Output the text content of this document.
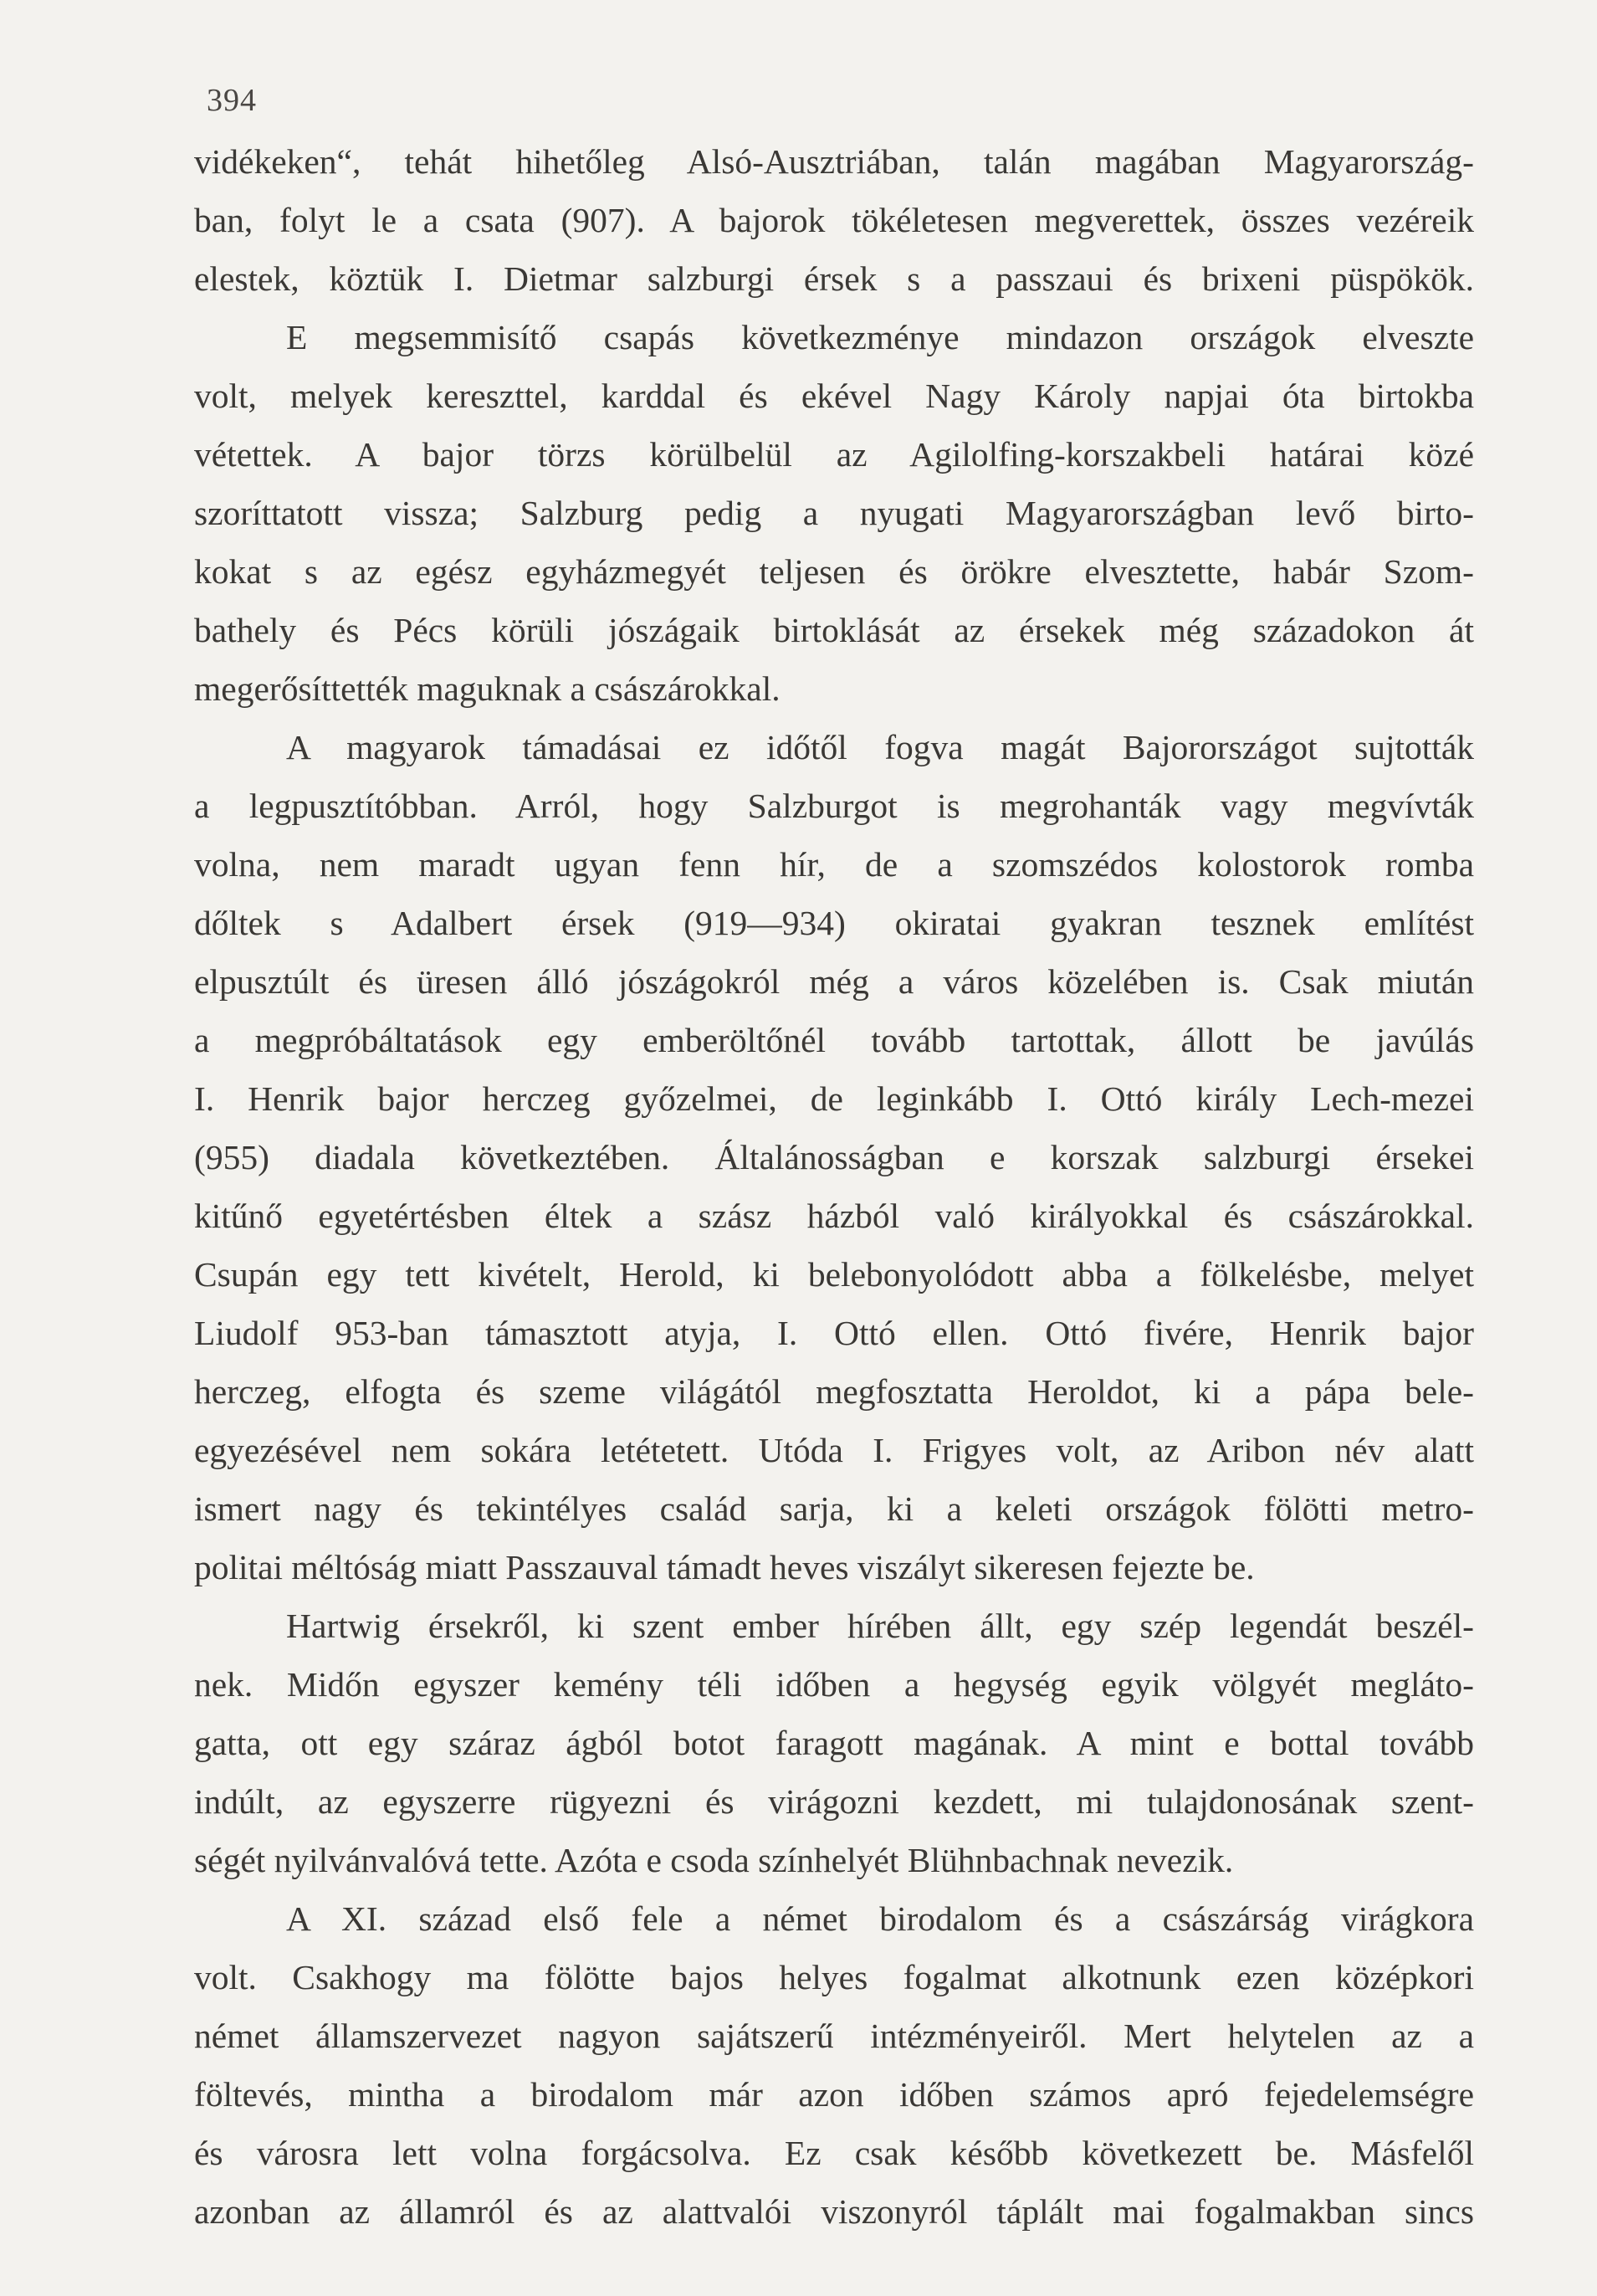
394
vidékeken“, tehát hihetőleg Alsó-Ausztriában, talán magában Magyarország-
ban, folyt le a csata (907). A bajorok tökéletesen megverettek, összes vezéreik
elestek, köztük I. Dietmar salzburgi érsek s a passzaui és brixeni püspökök.
E megsemmisítő csapás következménye mindazon országok elveszte
volt, melyek kereszttel, karddal és ekével Nagy Károly napjai óta birtokba
vétettek. A bajor törzs körülbelül az Agilolfing-korszakbeli határai közé
szoríttatott vissza; Salzburg pedig a nyugati Magyarországban levő birto-
kokat s az egész egyházmegyét teljesen és örökre elvesztette, habár Szom-
bathely és Pécs körüli jószágaik birtoklását az érsekek még századokon át
megerősíttették maguknak a császárokkal.
A magyarok támadásai ez időtől fogva magát Bajorországot sujtották
a legpusztítóbban. Arról, hogy Salzburgot is megrohanták vagy megvívták
volna, nem maradt ugyan fenn hír, de a szomszédos kolostorok romba
dőltek s Adalbert érsek (919—934) okiratai gyakran tesznek említést
elpusztúlt és üresen álló jószágokról még a város közelében is. Csak miután
a megpróbáltatások egy emberöltőnél tovább tartottak, állott be javúlás
I. Henrik bajor herczeg győzelmei, de leginkább I. Ottó király Lech-mezei
(955) diadala következtében. Általánosságban e korszak salzburgi érsekei
kitűnő egyetértésben éltek a szász házból való királyokkal és császárokkal.
Csupán egy tett kivételt, Herold, ki belebonyolódott abba a fölkelésbe, melyet
Liudolf 953-ban támasztott atyja, I. Ottó ellen. Ottó fivére, Henrik bajor
herczeg, elfogta és szeme világától megfosztatta Heroldot, ki a pápa bele-
egyezésével nem sokára letétetett. Utóda I. Frigyes volt, az Aribon név alatt
ismert nagy és tekintélyes család sarja, ki a keleti országok fölötti metro-
politai méltóság miatt Passzauval támadt heves viszályt sikeresen fejezte be.
Hartwig érsekről, ki szent ember hírében állt, egy szép legendát beszél-
nek. Midőn egyszer kemény téli időben a hegység egyik völgyét megláto-
gatta, ott egy száraz ágból botot faragott magának. A mint e bottal tovább
indúlt, az egyszerre rügyezni és virágozni kezdett, mi tulajdonosának szent-
ségét nyilvánvalóvá tette. Azóta e csoda színhelyét Blühnbachnak nevezik.
A XI. század első fele a német birodalom és a császárság virágkora
volt. Csakhogy ma fölötte bajos helyes fogalmat alkotnunk ezen középkori
német államszervezet nagyon sajátszerű intézményeiről. Mert helytelen az a
föltevés, mintha a birodalom már azon időben számos apró fejedelemségre
és városra lett volna forgácsolva. Ez csak később következett be. Másfelől
azonban az államról és az alattvalói viszonyról táplált mai fogalmakban sincs
